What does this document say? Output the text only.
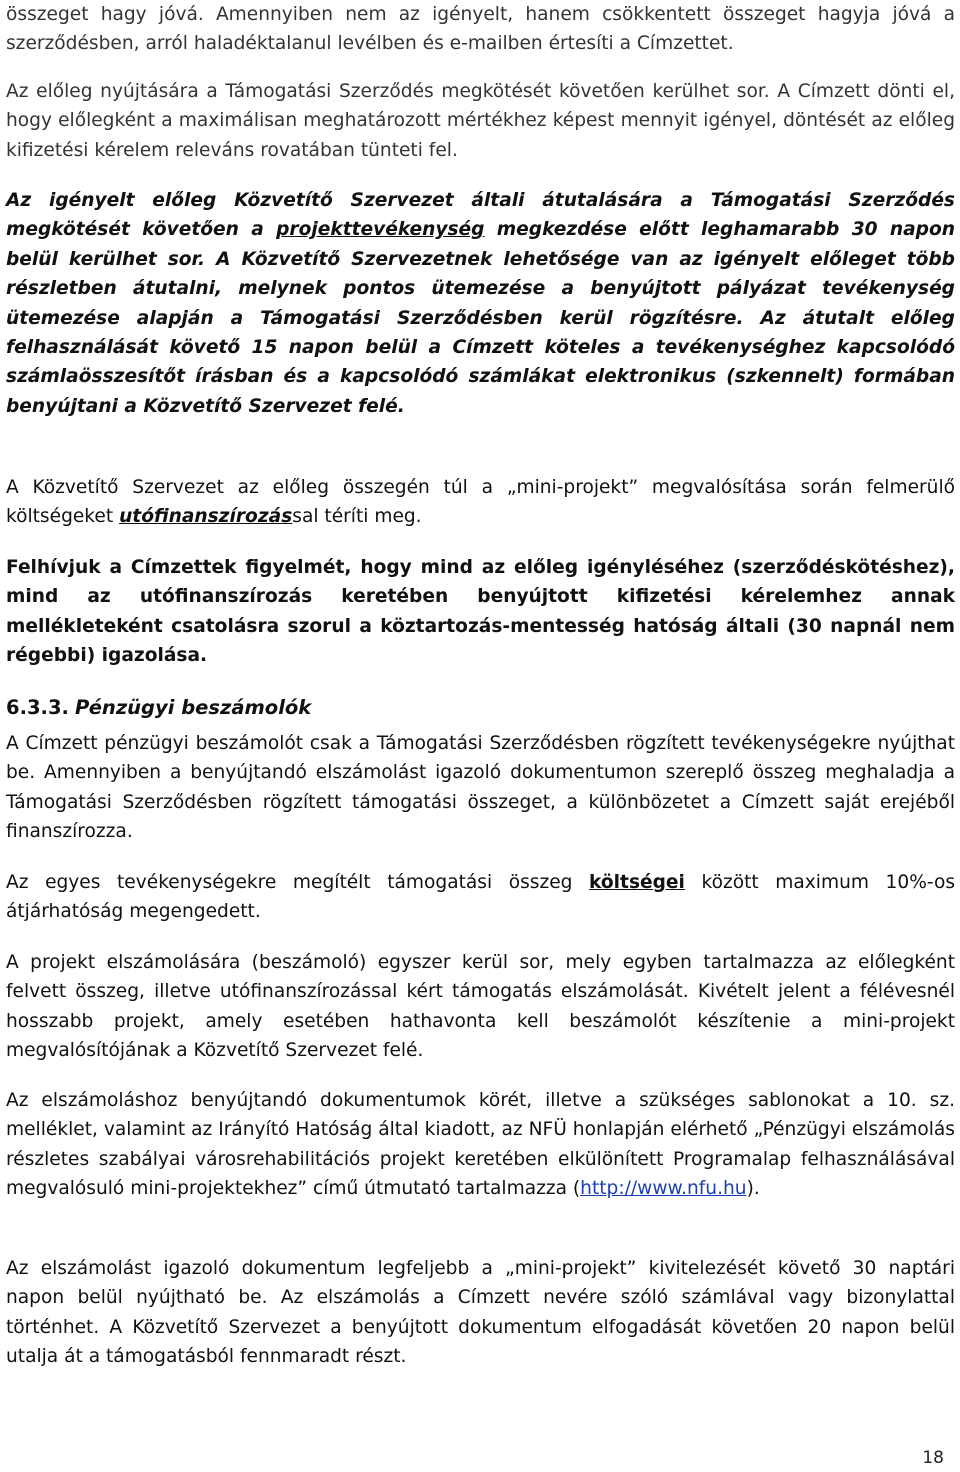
összeget hagy jóvá. Amennyiben nem az igényelt, hanem csökkentett összeget hagyja jóvá a szerződésben, arról haladéktalanul levélben és e-mailben értesíti a Címzettet.

Az előleg nyújtására a Támogatási Szerződés megkötését követően kerülhet sor. A Címzett dönti el, hogy előlegként a maximálisan meghatározott mértékhez képest mennyit igényel, döntését az előleg kifizetési kérelem releváns rovatában tünteti fel.

Az igényelt előleg Közvetítő Szervezet általi átutalására a Támogatási Szerződés megkötését követően a projekttevékenység megkezdése előtt leghamarabb 30 napon belül kerülhet sor. A Közvetítő Szervezetnek lehetősége van az igényelt előleget több részletben átutalni, melynek pontos ütemezése a benyújtott pályázat tevékenység ütemezése alapján a Támogatási Szerződésben kerül rögzítésre. Az átutalt előleg felhasználását követő 15 napon belül a Címzett köteles a tevékenységhez kapcsolódó számlaösszesítőt írásban és a kapcsolódó számlákat elektronikus (szkennelt) formában benyújtani a Közvetítő Szervezet felé.

A Közvetítő Szervezet az előleg összegén túl a „mini-projekt” megvalósítása során felmerülő költségeket utófinanszírozással téríti meg.

Felhívjuk a Címzettek figyelmét, hogy mind az előleg igényléséhez (szerződéskötéshez), mind az utófinanszírozás keretében benyújtott kifizetési kérelemhez annak mellékleteként csatolásra szorul a köztartozás-mentesség hatóság általi (30 napnál nem régebbi) igazolása.

6.3.3. Pénzügyi beszámolók

A Címzett pénzügyi beszámolót csak a Támogatási Szerződésben rögzített tevékenységekre nyújthat be. Amennyiben a benyújtandó elszámolást igazoló dokumentumon szereplő összeg meghaladja a Támogatási Szerződésben rögzített támogatási összeget, a különbözetet a Címzett saját erejéből finanszírozza.

Az egyes tevékenységekre megítélt támogatási összeg költségei között maximum 10%-os átjárhatóság megengedett.

A projekt elszámolására (beszámoló) egyszer kerül sor, mely egyben tartalmazza az előlegként felvett összeg, illetve utófinanszírozással kért támogatás elszámolását. Kivételt jelent a félévesnél hosszabb projekt, amely esetében hathavonta kell beszámolót készítenie a mini-projekt megvalósítójának a Közvetítő Szervezet felé.

Az elszámoláshoz benyújtandó dokumentumok körét, illetve a szükséges sablonokat a 10. sz. melléklet, valamint az Irányító Hatóság által kiadott, az NFÜ honlapján elérhető „Pénzügyi elszámolás részletes szabályai városrehabilitációs projekt keretében elkülönített Programalap felhasználásával megvalósuló mini-projektekhez” című útmutató tartalmazza (http://www.nfu.hu).

Az elszámolást igazoló dokumentum legfeljebb a „mini-projekt” kivitelezését követő 30 naptári napon belül nyújtható be. Az elszámolás a Címzett nevére szóló számlával vagy bizonylattal történhet. A Közvetítő Szervezet a benyújtott dokumentum elfogadását követően 20 napon belül utalja át a támogatásból fennmaradt részt.

18
